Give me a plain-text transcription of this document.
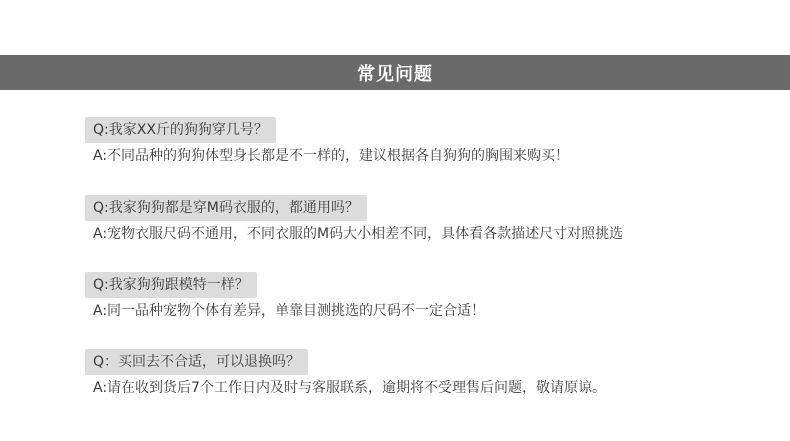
常见问题
Q:我家XX斤的狗狗穿几号？
A:不同品种的狗狗体型身长都是不一样的，建议根据各自狗狗的胸围来购买！
Q:我家狗狗都是穿M码衣服的，都通用吗？
A:宠物衣服尺码不通用，不同衣服的M码大小相差不同，具体看各款描述尺寸对照挑选
Q:我家狗狗跟模特一样？
A:同一品种宠物个体有差异，单靠目测挑选的尺码不一定合适！
Q：买回去不合适，可以退换吗？
A:请在收到货后7个工作日内及时与客服联系，逾期将不受理售后问题，敬请原谅。
